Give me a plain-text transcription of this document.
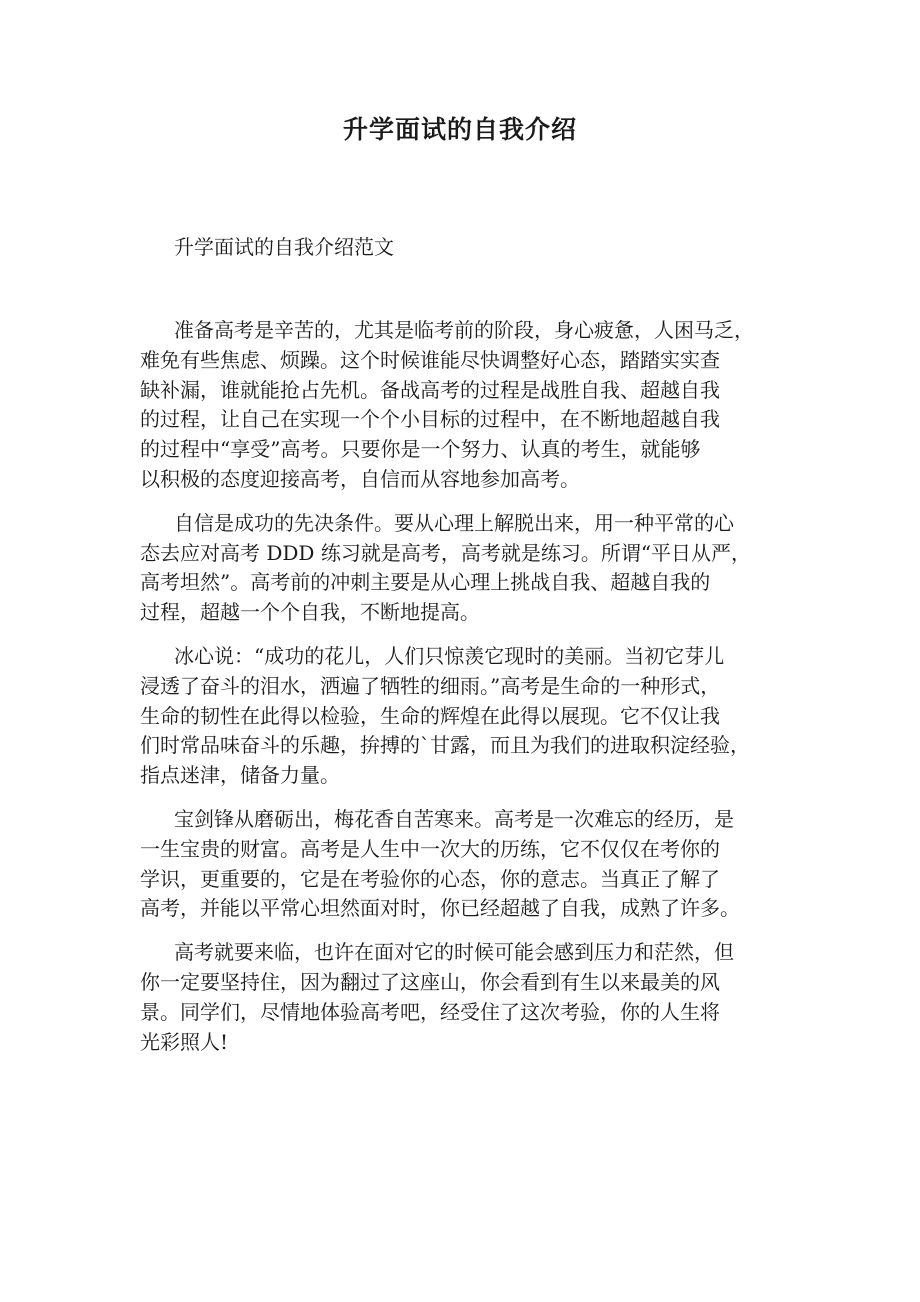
升学面试的自我介绍

升学面试的自我介绍范文

准备高考是辛苦的，尤其是临考前的阶段，身心疲惫，人困马乏，
难免有些焦虑、烦躁。这个时候谁能尽快调整好心态，踏踏实实查
缺补漏，谁就能抢占先机。备战高考的过程是战胜自我、超越自我
的过程，让自己在实现一个个小目标的过程中，在不断地超越自我
的过程中“享受”高考。只要你是一个努力、认真的考生，就能够
以积极的态度迎接高考，自信而从容地参加高考。

自信是成功的先决条件。要从心理上解脱出来，用一种平常的心
态去应对高考 DDD 练习就是高考，高考就是练习。所谓“平日从严，
高考坦然”。高考前的冲刺主要是从心理上挑战自我、超越自我的
过程，超越一个个自我，不断地提高。

冰心说：“成功的花儿，人们只惊羡它现时的美丽。当初它芽儿
浸透了奋斗的泪水，洒遍了牺牲的细雨。”高考是生命的一种形式，
生命的韧性在此得以检验，生命的辉煌在此得以展现。它不仅让我
们时常品味奋斗的乐趣，拚搏的`甘露，而且为我们的进取积淀经验，
指点迷津，储备力量。

宝剑锋从磨砺出，梅花香自苦寒来。高考是一次难忘的经历，是
一生宝贵的财富。高考是人生中一次大的历练，它不仅仅在考你的
学识，更重要的，它是在考验你的心态，你的意志。当真正了解了
高考，并能以平常心坦然面对时，你已经超越了自我，成熟了许多。

高考就要来临，也许在面对它的时候可能会感到压力和茫然，但
你一定要坚持住，因为翻过了这座山，你会看到有生以来最美的风
景。同学们，尽情地体验高考吧，经受住了这次考验，你的人生将
光彩照人!
